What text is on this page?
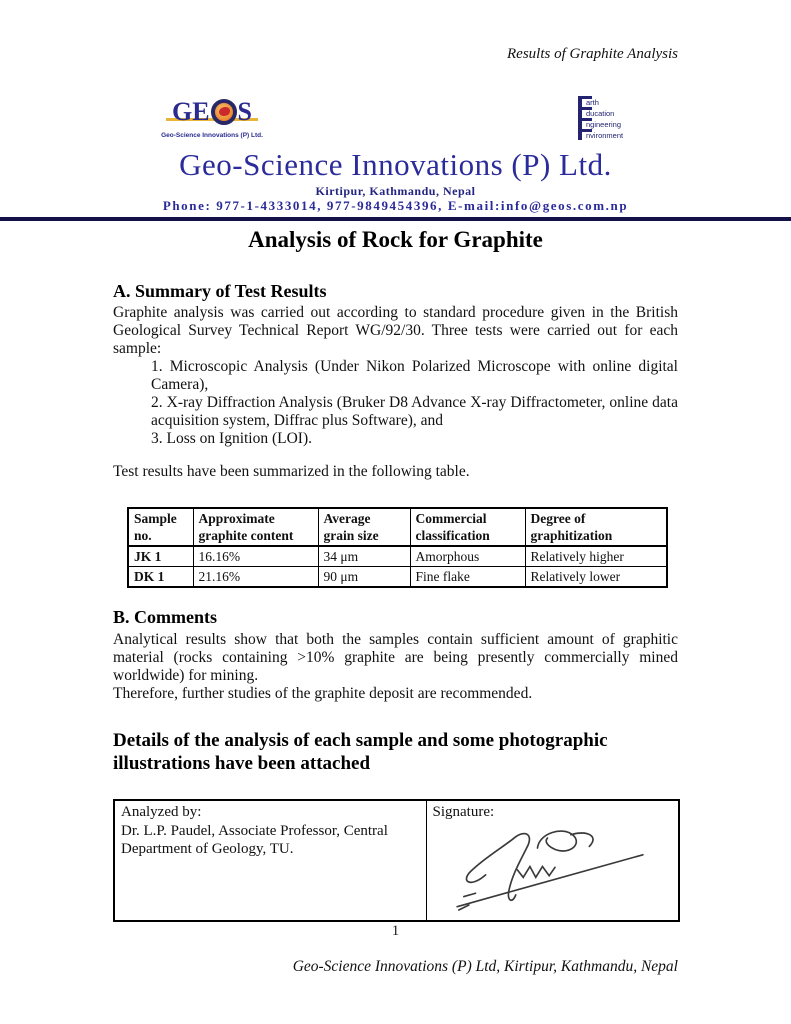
Results of Graphite Analysis
GE S
Geo-Science Innovations (P) Ltd.
arth
ducation
ngineering
nvironment
Geo-Science Innovations (P) Ltd.
Kirtipur, Kathmandu, Nepal
Phone: 977-1-4333014, 977-9849454396, E-mail:info@geos.com.np
Analysis of Rock for Graphite
A. Summary of Test Results
Graphite analysis was carried out according to standard procedure given in the British Geological Survey Technical Report WG/92/30. Three tests were carried out for each sample:
1. Microscopic Analysis (Under Nikon Polarized Microscope with online digital Camera),
2. X-ray Diffraction Analysis (Bruker D8 Advance X-ray Diffractometer, online data acquisition system, Diffrac plus Software), and
3. Loss on Ignition (LOI).
Test results have been summarized in the following table.
Sample no.	Approximate graphite content	Average grain size	Commercial classification	Degree of graphitization
JK 1	16.16%	34 μm	Amorphous	Relatively higher
DK 1	21.16%	90 μm	Fine flake	Relatively lower
B. Comments
Analytical results show that both the samples contain sufficient amount of graphitic material (rocks containing >10% graphite are being presently commercially mined worldwide) for mining.
Therefore, further studies of the graphite deposit are recommended.
Details of the analysis of each sample and some photographic illustrations have been attached
Analyzed by:
Dr. L.P. Paudel, Associate Professor, Central Department of Geology, TU.

Signature:
1
Geo-Science Innovations (P) Ltd, Kirtipur, Kathmandu, Nepal
